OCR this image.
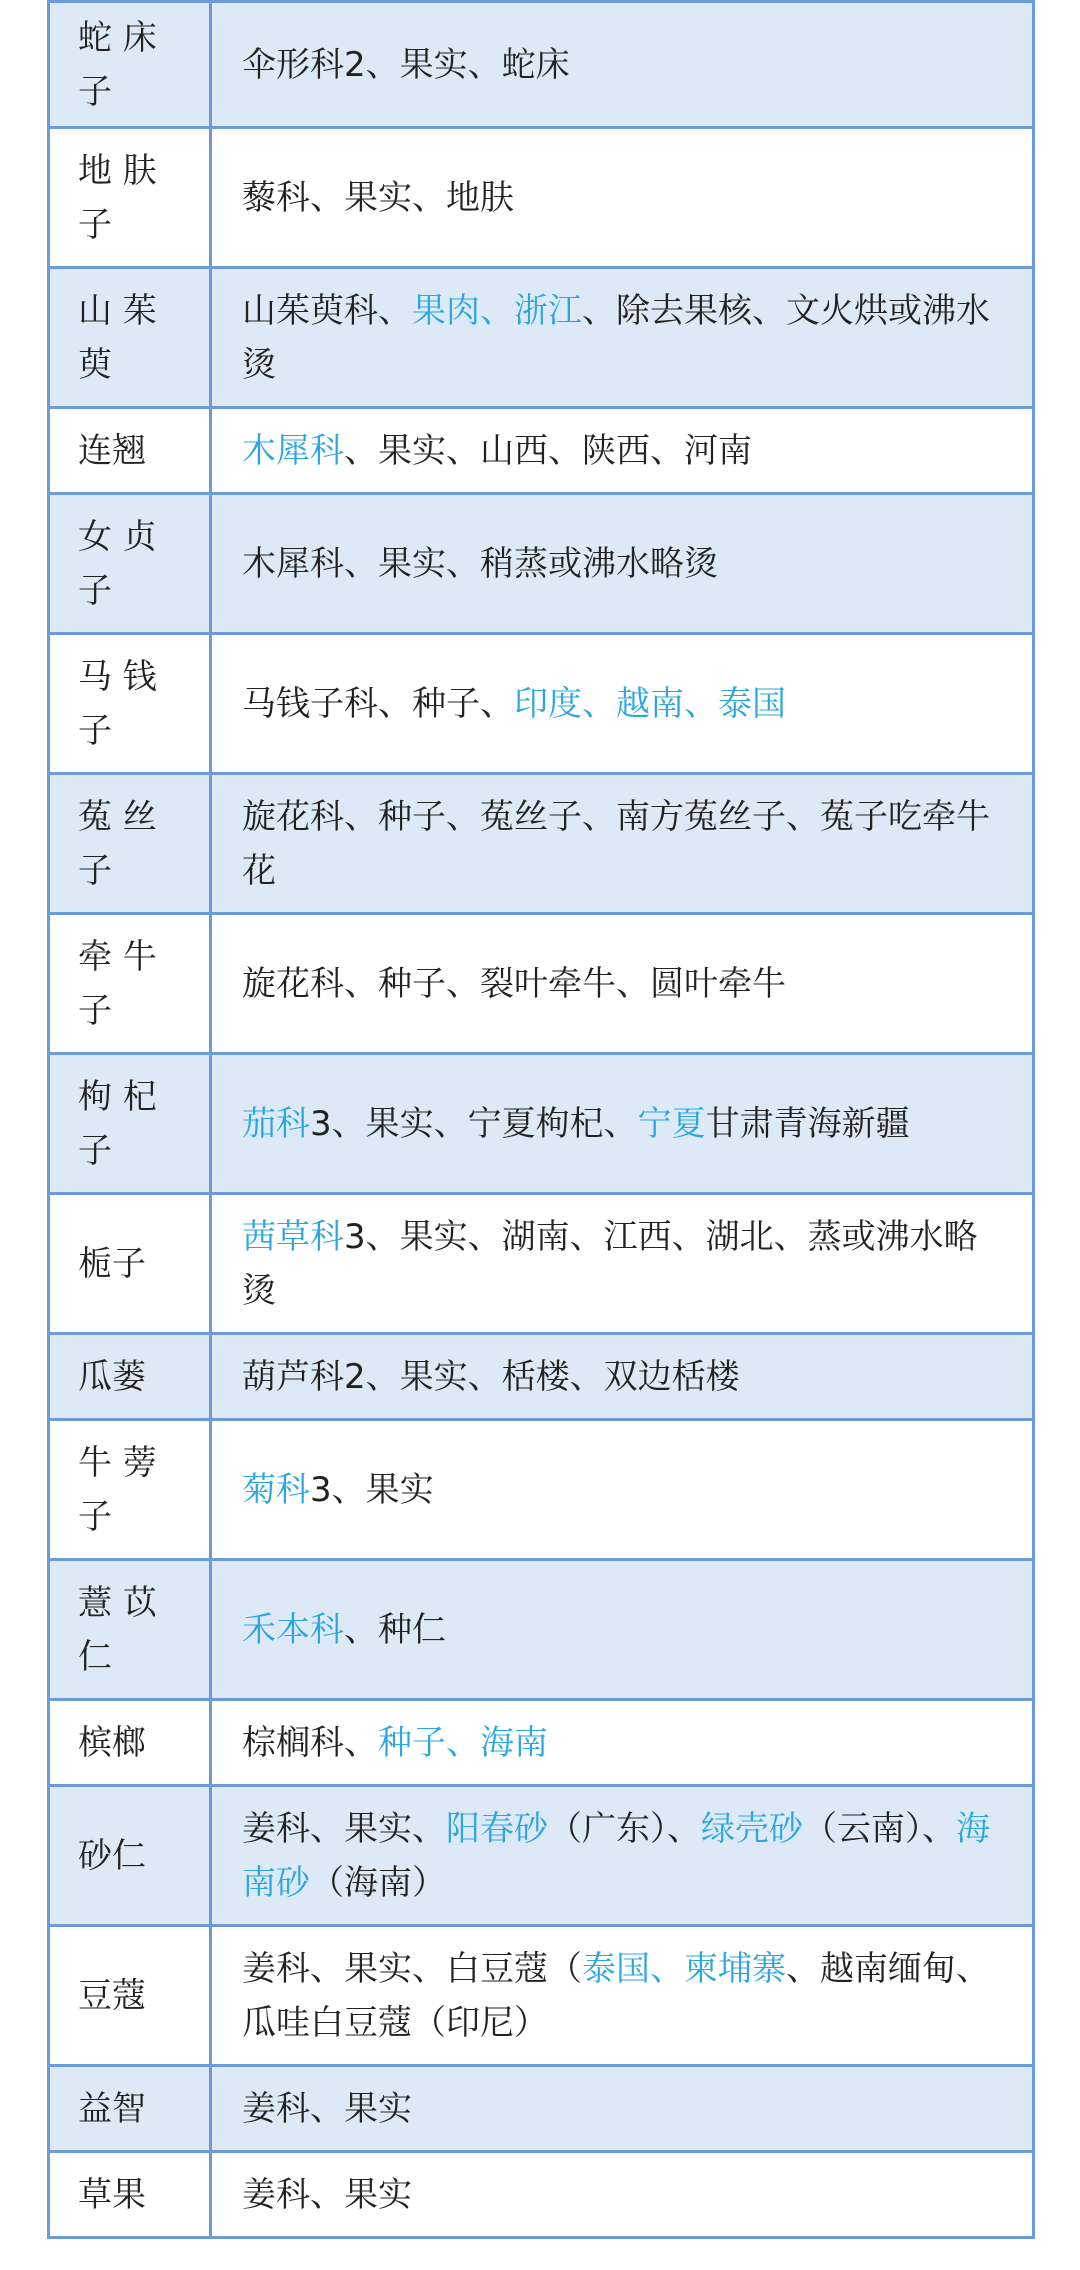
蛇 床 子	伞形科2、果实、蛇床
地 肤 子	藜科、果实、地肤
山 茱 萸	山茱萸科、果肉、浙江、除去果核、文火烘或沸水烫
连翘	木犀科、果实、山西、陕西、河南
女 贞 子	木犀科、果实、稍蒸或沸水略烫
马 钱 子	马钱子科、种子、印度、越南、泰国
菟 丝 子	旋花科、种子、菟丝子、南方菟丝子、菟子吃牵牛花
牵 牛 子	旋花科、种子、裂叶牵牛、圆叶牵牛
枸 杞 子	茄科3、果实、宁夏枸杞、宁夏甘肃青海新疆
栀子	茜草科3、果实、湖南、江西、湖北、蒸或沸水略烫
瓜蒌	葫芦科2、果实、栝楼、双边栝楼
牛 蒡 子	菊科3、果实
薏 苡 仁	禾本科、种仁
槟榔	棕榈科、种子、海南
砂仁	姜科、果实、阳春砂（广东）、绿壳砂（云南）、海南砂（海南）
豆蔻	姜科、果实、白豆蔻（泰国、柬埔寨、越南缅甸、瓜哇白豆蔻（印尼）
益智	姜科、果实
草果	姜科、果实
